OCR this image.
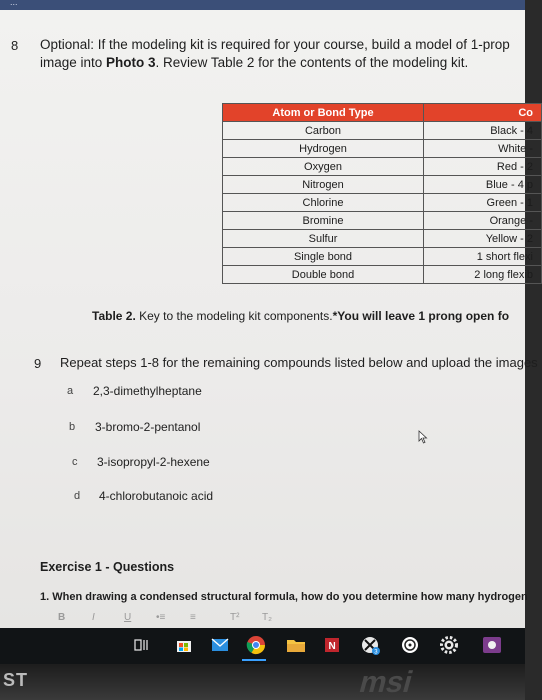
...
8 Optional: If the modeling kit is required for your course, build a model of 1-prop
image into Photo 3. Review Table 2 for the contents of the modeling kit.
Atom or Bond Type	Co
Carbon	Black - 4
Hydrogen	White -
Oxygen	Red - 2
Nitrogen	Blue - 4 p
Chlorine	Green - 1
Bromine	Orange -
Sulfur	Yellow - 2
Single bond	1 short flexi
Double bond	2 long flexib
Table 2. Key to the modeling kit components.*You will leave 1 prong open fo
9 Repeat steps 1-8 for the remaining compounds listed below and upload the images
a 2,3-dimethylheptane
b 3-bromo-2-pentanol
c 3-isopropyl-2-hexene
d 4-chlorobutanoic acid
Exercise 1 - Questions
1. When drawing a condensed structural formula, how do you determine how many hydrogen
B	I	U •≡ ≡	T² T₂
N
3
ST	msi
